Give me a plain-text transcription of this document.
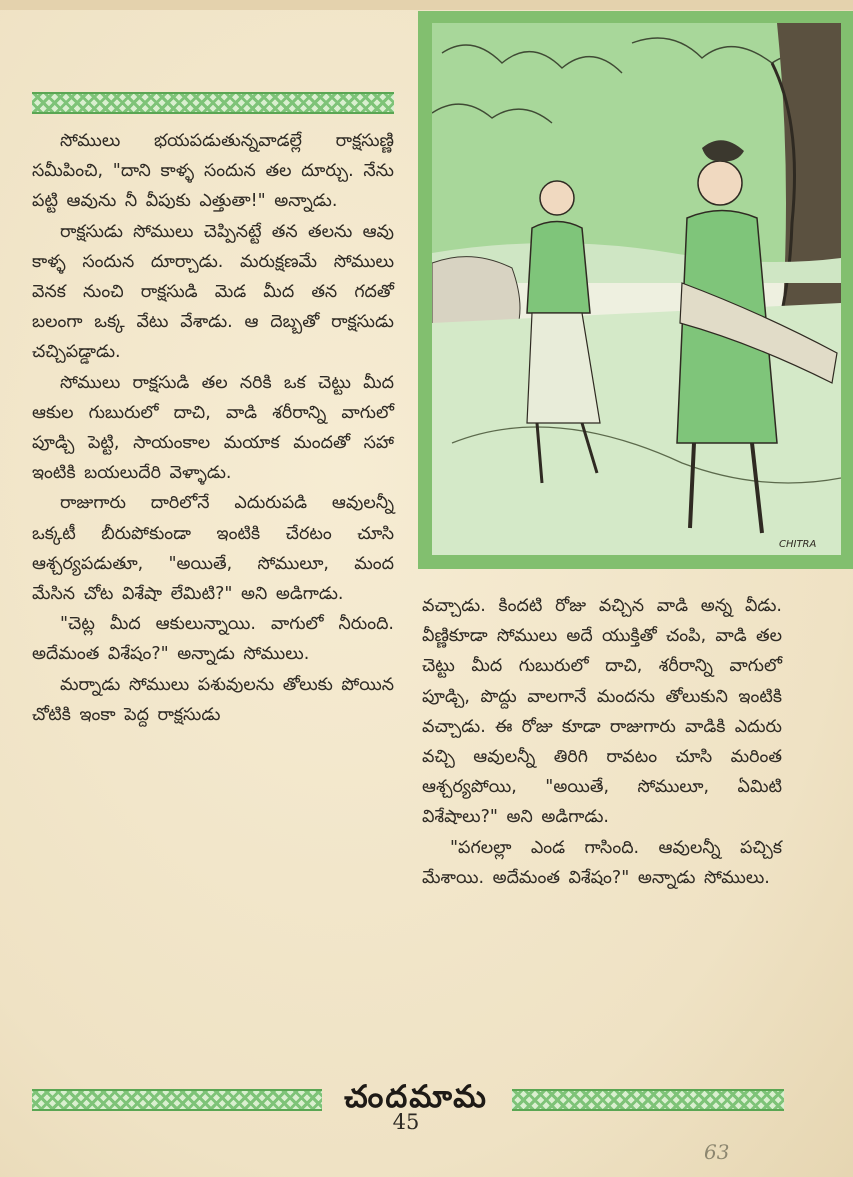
సోములు భయపడుతున్నవాడల్లే రాక్షసుణ్ణి సమీపించి, "దాని కాళ్ళ సందున తల దూర్చు. నేను పట్టి ఆవును నీ వీపుకు ఎత్తుతా!" అన్నాడు.

రాక్షసుడు సోములు చెప్పినట్టే తన తలను ఆవు కాళ్ళ సందున దూర్చాడు. మరుక్షణమే సోములు వెనక నుంచి రాక్షసుడి మెడ మీద తన గదతో బలంగా ఒక్క వేటు వేశాడు. ఆ దెబ్బతో రాక్షసుడు చచ్చిపడ్డాడు.

సోములు రాక్షసుడి తల నరికి ఒక చెట్టు మీద ఆకుల గుబురులో దాచి, వాడి శరీరాన్ని వాగులో పూడ్చి పెట్టి, సాయంకాల మయాక మందతో సహా ఇంటికి బయలుదేరి వెళ్ళాడు.

రాజుగారు దారిలోనే ఎదురుపడి ఆవులన్నీ ఒక్కటీ బీరుపోకుండా ఇంటికి చేరటం చూసి ఆశ్చర్యపడుతూ, "అయితే, సోములూ, మంద మేసిన చోట విశేషా లేమిటి?" అని అడిగాడు.

"చెట్ల మీద ఆకులున్నాయి. వాగులో నీరుంది. అదేమంత విశేషం?" అన్నాడు సోములు.

మర్నాడు సోములు పశువులను తోలుకు పోయిన చోటికి ఇంకా పెద్ద రాక్షసుడు

CHITRA

వచ్చాడు. కిందటి రోజు వచ్చిన వాడి అన్న వీడు. వీణ్ణికూడా సోములు అదే యుక్తితో చంపి, వాడి తల చెట్టు మీద గుబురులో దాచి, శరీరాన్ని వాగులో పూడ్చి, పొద్దు వాలగానే మందను తోలుకుని ఇంటికి వచ్చాడు. ఈ రోజు కూడా రాజుగారు వాడికి ఎదురు వచ్చి ఆవులన్నీ తిరిగి రావటం చూసి మరింత ఆశ్చర్యపోయి, "అయితే, సోములూ, ఏమిటి విశేషాలు?" అని అడిగాడు.

"పగలల్లా ఎండ గాసింది. ఆవులన్నీ పచ్చిక మేశాయి. అదేమంత విశేషం?" అన్నాడు సోములు.

చందమామ
45
63
